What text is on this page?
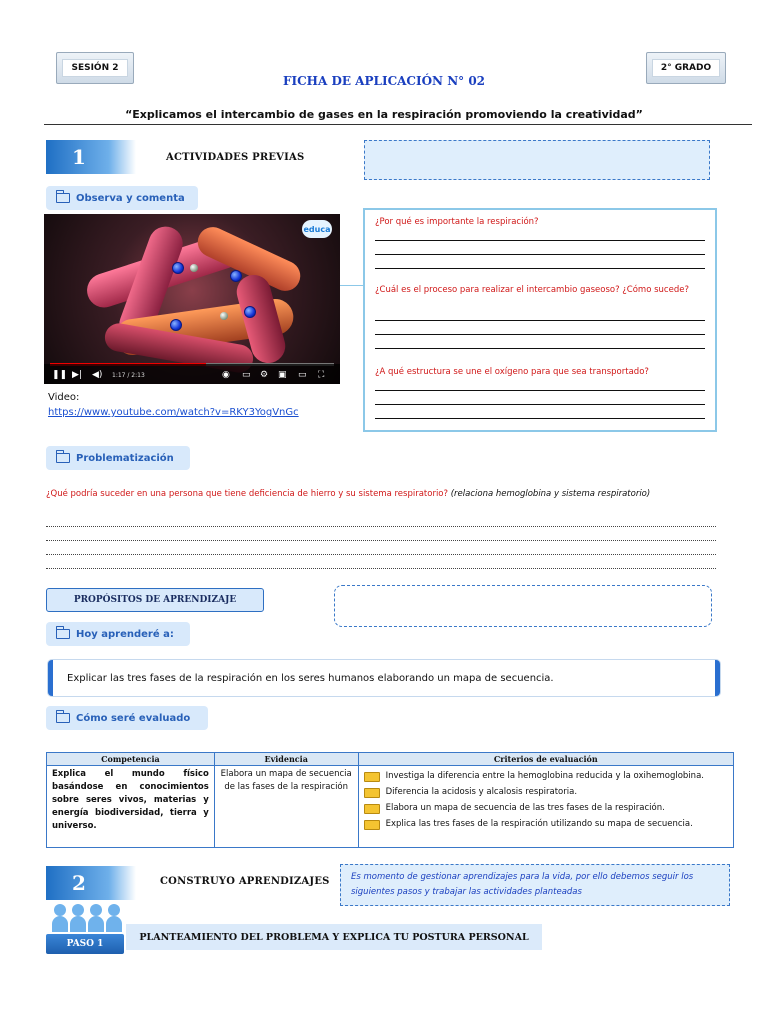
SESIÓN 2	2° GRADO
FICHA DE APLICACIÓN N° 02
“Explicamos el intercambio de gases en la respiración promoviendo la creatividad”
1	ACTIVIDADES PREVIAS
Observa y comenta
educa
❚❚ ▶| ◀) 1:17 / 2:13	◉ ▭ ⚙ ▣ ▭ ⛶
Video:
https://www.youtube.com/watch?v=RKY3YogVnGc
¿Por qué es importante la respiración?
¿Cuál es el proceso para realizar el intercambio gaseoso? ¿Cómo sucede?
¿A qué estructura se une el oxígeno para que sea transportado?
Problematización
¿Qué podría suceder en una persona que tiene deficiencia de hierro y su sistema respiratorio? (relaciona hemoglobina y sistema respiratorio)
PROPÓSITOS DE APRENDIZAJE
Hoy aprenderé a:
Explicar las tres fases de la respiración en los seres humanos elaborando un mapa de secuencia.
Cómo seré evaluado
Competencia	Evidencia	Criterios de evaluación
Explica el mundo físico basándose en conocimientos sobre seres vivos, materias y energía biodiversidad, tierra y universo.	Elabora un mapa de secuencia de las fases de la respiración	Investiga la diferencia entre la hemoglobina reducida y la oxihemoglobina.
Diferencia la acidosis y alcalosis respiratoria.
Elabora un mapa de secuencia de las tres fases de la respiración.
Explica las tres fases de la respiración utilizando su mapa de secuencia.
2	CONSTRUYO APRENDIZAJES	Es momento de gestionar aprendizajes para la vida, por ello debemos seguir los siguientes pasos y trabajar las actividades planteadas
PASO 1
PLANTEAMIENTO DEL PROBLEMA Y EXPLICA TU POSTURA PERSONAL
